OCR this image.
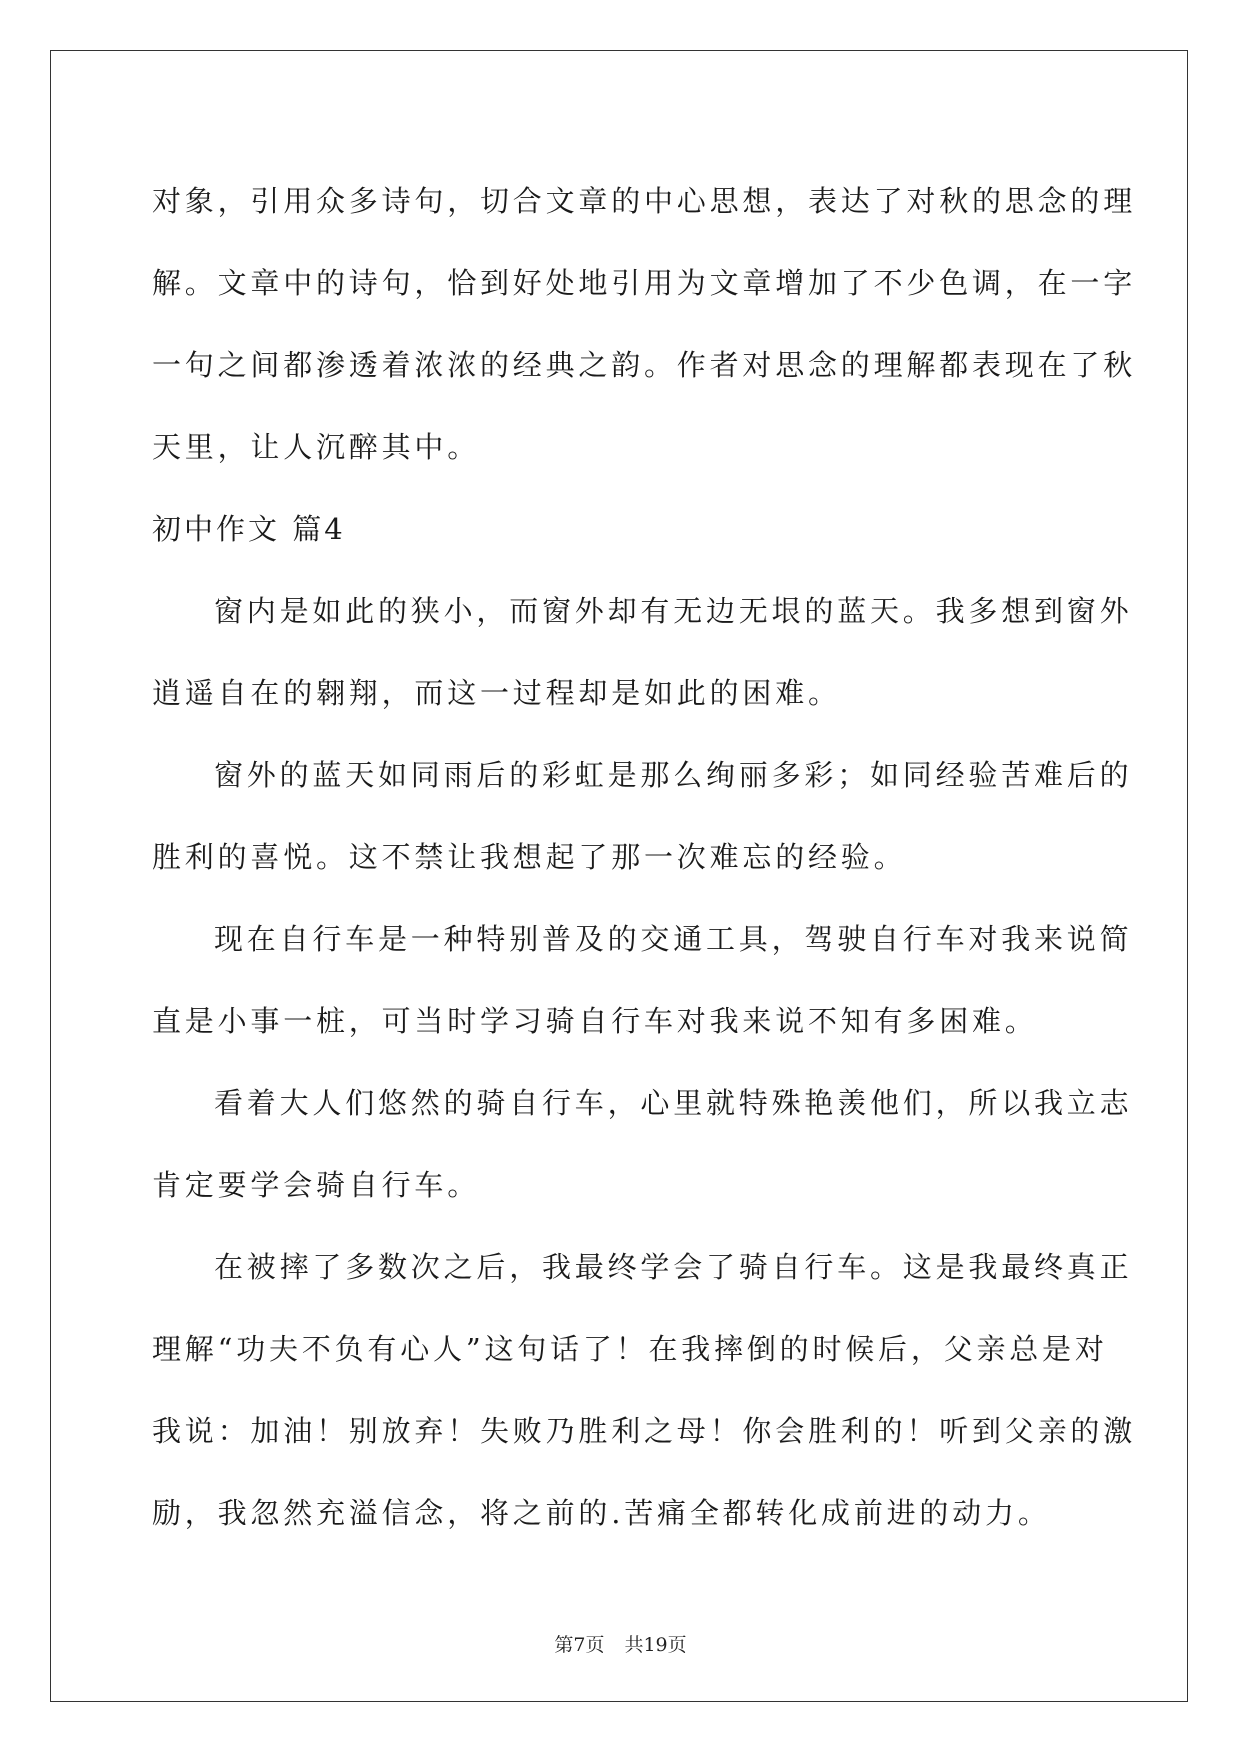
对象，引用众多诗句，切合文章的中心思想，表达了对秋的思念的理
解。文章中的诗句，恰到好处地引用为文章增加了不少色调，在一字
一句之间都渗透着浓浓的经典之韵。作者对思念的理解都表现在了秋
天里，让人沉醉其中。
初中作文 篇4
窗内是如此的狭小，而窗外却有无边无垠的蓝天。我多想到窗外
逍遥自在的翱翔，而这一过程却是如此的困难。
窗外的蓝天如同雨后的彩虹是那么绚丽多彩；如同经验苦难后的
胜利的喜悦。这不禁让我想起了那一次难忘的经验。
现在自行车是一种特别普及的交通工具，驾驶自行车对我来说简
直是小事一桩，可当时学习骑自行车对我来说不知有多困难。
看着大人们悠然的骑自行车，心里就特殊艳羡他们，所以我立志
肯定要学会骑自行车。
在被摔了多数次之后，我最终学会了骑自行车。这是我最终真正
理解“功夫不负有心人”这句话了！在我摔倒的时候后，父亲总是对
我说：加油！别放弃！失败乃胜利之母！你会胜利的！听到父亲的激
励，我忽然充溢信念，将之前的.苦痛全都转化成前进的动力。
第7页 共19页
